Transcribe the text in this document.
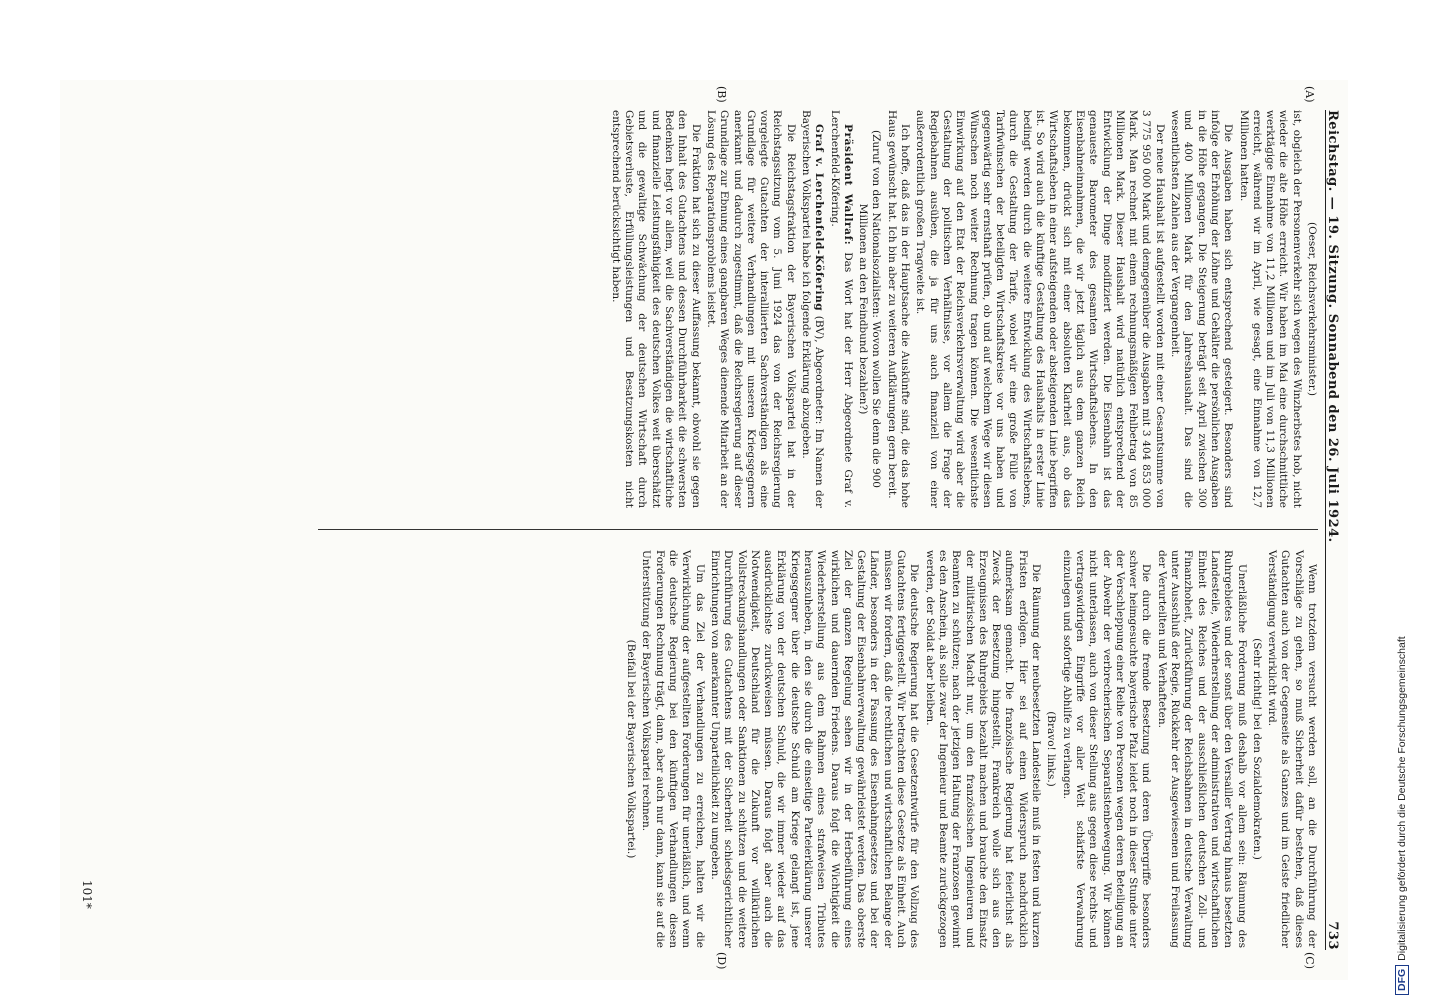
Reichstag. — 19. Sitzung. Sonnabend den 26. Juli 1924.
733
(A)
(B)
(C)
(D)

(Oeser, Reichsverkehrsminister.)

ist, obgleich der Personenverkehr sich wegen des Winzherbstes hob, nicht wieder die alte Höhe erreicht. Wir haben im Mai eine durchschnittliche werktägige Einnahme von 11,2 Millionen und im Juli von 11,3 Millionen erreicht, während wir im April, wie gesagt, eine Einnahme von 12,7 Millionen hatten.

Die Ausgaben haben sich entsprechend gesteigert. Besonders sind infolge der Erhöhung der Löhne und Gehälter die persönlichen Ausgaben in die Höhe gegangen. Die Steigerung beträgt seit April zwischen 300 und 400 Millionen Mark für den Jahreshaushalt. Das sind die wesentlichsten Zahlen aus der Vergangenheit.

Der neue Haushalt ist aufgestellt worden mit einer Gesamtsumme von 3 775 950 000 Mark und demgegenüber die Ausgaben mit 3 404 853 000 Mark. Man rechnet mit einem rechnungsmäßigen Fehlbetrag von 85 Millionen Mark. Dieser Haushalt wird natürlich entsprechend der Entwicklung der Dinge modifiziert werden. Die Eisenbahn ist das genaueste Barometer des gesamten Wirtschaftslebens. In den Eisenbahneinnahmen, die wir jetzt täglich aus dem ganzen Reich bekommen, drückt sich mit einer absoluten Klarheit aus, ob das Wirtschaftsleben in einer aufsteigenden oder absteigenden Linie begriffen ist. So wird auch die künftige Gestaltung des Haushalts in erster Linie bedingt werden durch die weitere Entwicklung des Wirtschaftslebens, durch die Gestaltung der Tarife, wobei wir eine große Fülle von Tarifwünschen der beteiligten Wirtschaftskreise vor uns haben und gegenwärtig sehr ernsthaft prüfen, ob und auf welchem Wege wir diesen Wünschen noch weiter Rechnung tragen können. Die wesentlichste Einwirkung auf den Etat der Reichsverkehrsverwaltung wird aber die Gestaltung der politischen Verhältnisse, vor allem die Frage der Regiebahnen ausüben, die ja für uns auch finanziell von einer außerordentlich großen Tragweite ist.

Ich hoffe, daß das in der Hauptsache die Auskünfte sind, die das hohe Haus gewünscht hat. Ich bin aber zu weiteren Aufklärungen gern bereit.

(Zuruf von den Nationalsozialisten: Wovon wollen Sie denn die 900 Millionen an den Feindbund bezahlen?)

Präsident Wallraf: Das Wort hat der Herr Abgeordnete Graf v. Lerchenfeld-Köfering.

Graf v. Lerchenfeld-Köfering (BV), Abgeordneter: Im Namen der Bayerischen Volkspartei habe ich folgende Erklärung abzugeben.

Die Reichstagsfraktion der Bayerischen Volkspartei hat in der Reichstagssitzung vom 5. Juni 1924 das von der Reichsregierung vorgelegte Gutachten der interalliierten Sachverständigen als eine Grundlage für weitere Verhandlungen mit unseren Kriegsgegnern anerkannt und dadurch zugestimmt, daß die Reichsregierung auf dieser Grundlage zur Ebnung eines gangbaren Weges dienende Mitarbeit an der Lösung des Reparationsproblems leistet.

Die Fraktion hat sich zu dieser Auffassung bekannt, obwohl sie gegen den Inhalt des Gutachtens und dessen Durchführbarkeit die schwersten Bedenken hegt vor allem, weil die Sachverständigen die wirtschaftliche und finanzielle Leistungsfähigkeit des deutschen Volkes weit überschätzt und die gewaltige Schwächung der deutschen Wirtschaft durch Gebietsverluste, Erfüllungsleistungen und Besatzungskosten nicht entsprechend berücksichtigt haben.

Wenn trotzdem versucht werden soll, an die Durchführung der Vorschläge zu gehen, so muß Sicherheit dafür bestehen, daß dieses Gutachten auch von der Gegenseite als Ganzes und im Geiste friedlicher Verständigung verwirklicht wird.

(Sehr richtig! bei den Sozialdemokraten.)

Unerläßliche Forderung muß deshalb vor allem sein: Räumung des Ruhrgebietes und der sonst über den Versailler Vertrag hinaus besetzten Landesteile, Wiederherstellung der administrativen und wirtschaftlichen Einheit des Reiches und der ausschließlichen deutschen Zoll- und Finanzhoheit, Zurückführung der Reichsbahnen in deutsche Verwaltung unter Ausschluß der Regie, Rückkehr der Ausgewiesenen und Freilassung der Verurteilten und Verhafteten.

Die durch die fremde Besetzung und deren Übergriffe besonders schwer heimgesuchte bayerische Pfalz leidet noch in dieser Stunde unter der Verschleppung einer Reihe von Personen wegen deren Beteiligung an der Abwehr der verbrecherischen Separatistenbewegung. Wir können nicht unterlassen, auch von dieser Stellung aus gegen diese rechts- und vertragswidrigen Eingriffe vor aller Welt schärfste Verwahrung einzulegen und sofortige Abhilfe zu verlangen.

(Bravo! links.)

Die Räumung der neubesetzten Landesteile muß in festen und kurzen Fristen erfolgen. Hier sei auf einen Widerspruch nachdrücklich aufmerksam gemacht. Die französische Regierung hat feierlichst als Zweck der Besetzung hingestellt, Frankreich wolle sich aus den Erzeugnissen des Ruhrgebiets bezahlt machen und brauche den Einsatz der militärischen Macht nur, um den französischen Ingenieuren und Beamten zu schützen; nach der jetzigen Haltung der Franzosen gewinnt es den Anschein, als solle zwar der Ingenieur und Beamte zurückgezogen werden, der Soldat aber bleiben.

Die deutsche Regierung hat die Gesetzentwürfe für den Vollzug des Gutachtens fertiggestellt. Wir betrachten diese Gesetze als Einheit. Auch müssen wir fordern, daß die rechtlichen und wirtschaftlichen Belange der Länder, besonders in der Fassung des Eisenbahngesetzes und bei der Gestaltung der Eisenbahnverwaltung gewährleistet werden. Das oberste Ziel der ganzen Regelung sehen wir in der Herbeiführung eines wirklichen und dauernden Friedens. Daraus folgt die Wichtigkeit die Wiederherstellung aus dem Rahmen eines strafweisen Tributes herauszuheben, in den sie durch die einseitige Parteierklärung unserer Kriegsgegner über die deutsche Schuld am Kriege gelangt ist, jene Erklärung von der deutschen Schuld, die wir immer wieder auf das ausdrücklichste zurückweisen müssen. Daraus folgt aber auch die Notwendigkeit, Deutschland für die Zukunft vor willkürlichen Vollstreckungshandlungen oder Sanktionen zu schützen und die weitere Durchführung des Gutachtens mit der Sicherheit schiedsgerichtlicher Einrichtungen von anerkannter Unparteilichkeit zu umgeben.

Um das Ziel der Verhandlungen zu erreichen, halten wir die Verwirklichung der aufgestellten Forderungen für unerläßlich, und wenn die deutsche Regierung bei den künftigen Verhandlungen diesen Forderungen Rechnung trägt, dann, aber auch nur dann, kann sie auf die Unterstützung der Bayerischen Volkspartei rechnen.

(Beifall bei der Bayerischen Volkspartei.)

101*
DFGDigitalisierung gefördert durch die Deutsche Forschungsgemeinschaft
